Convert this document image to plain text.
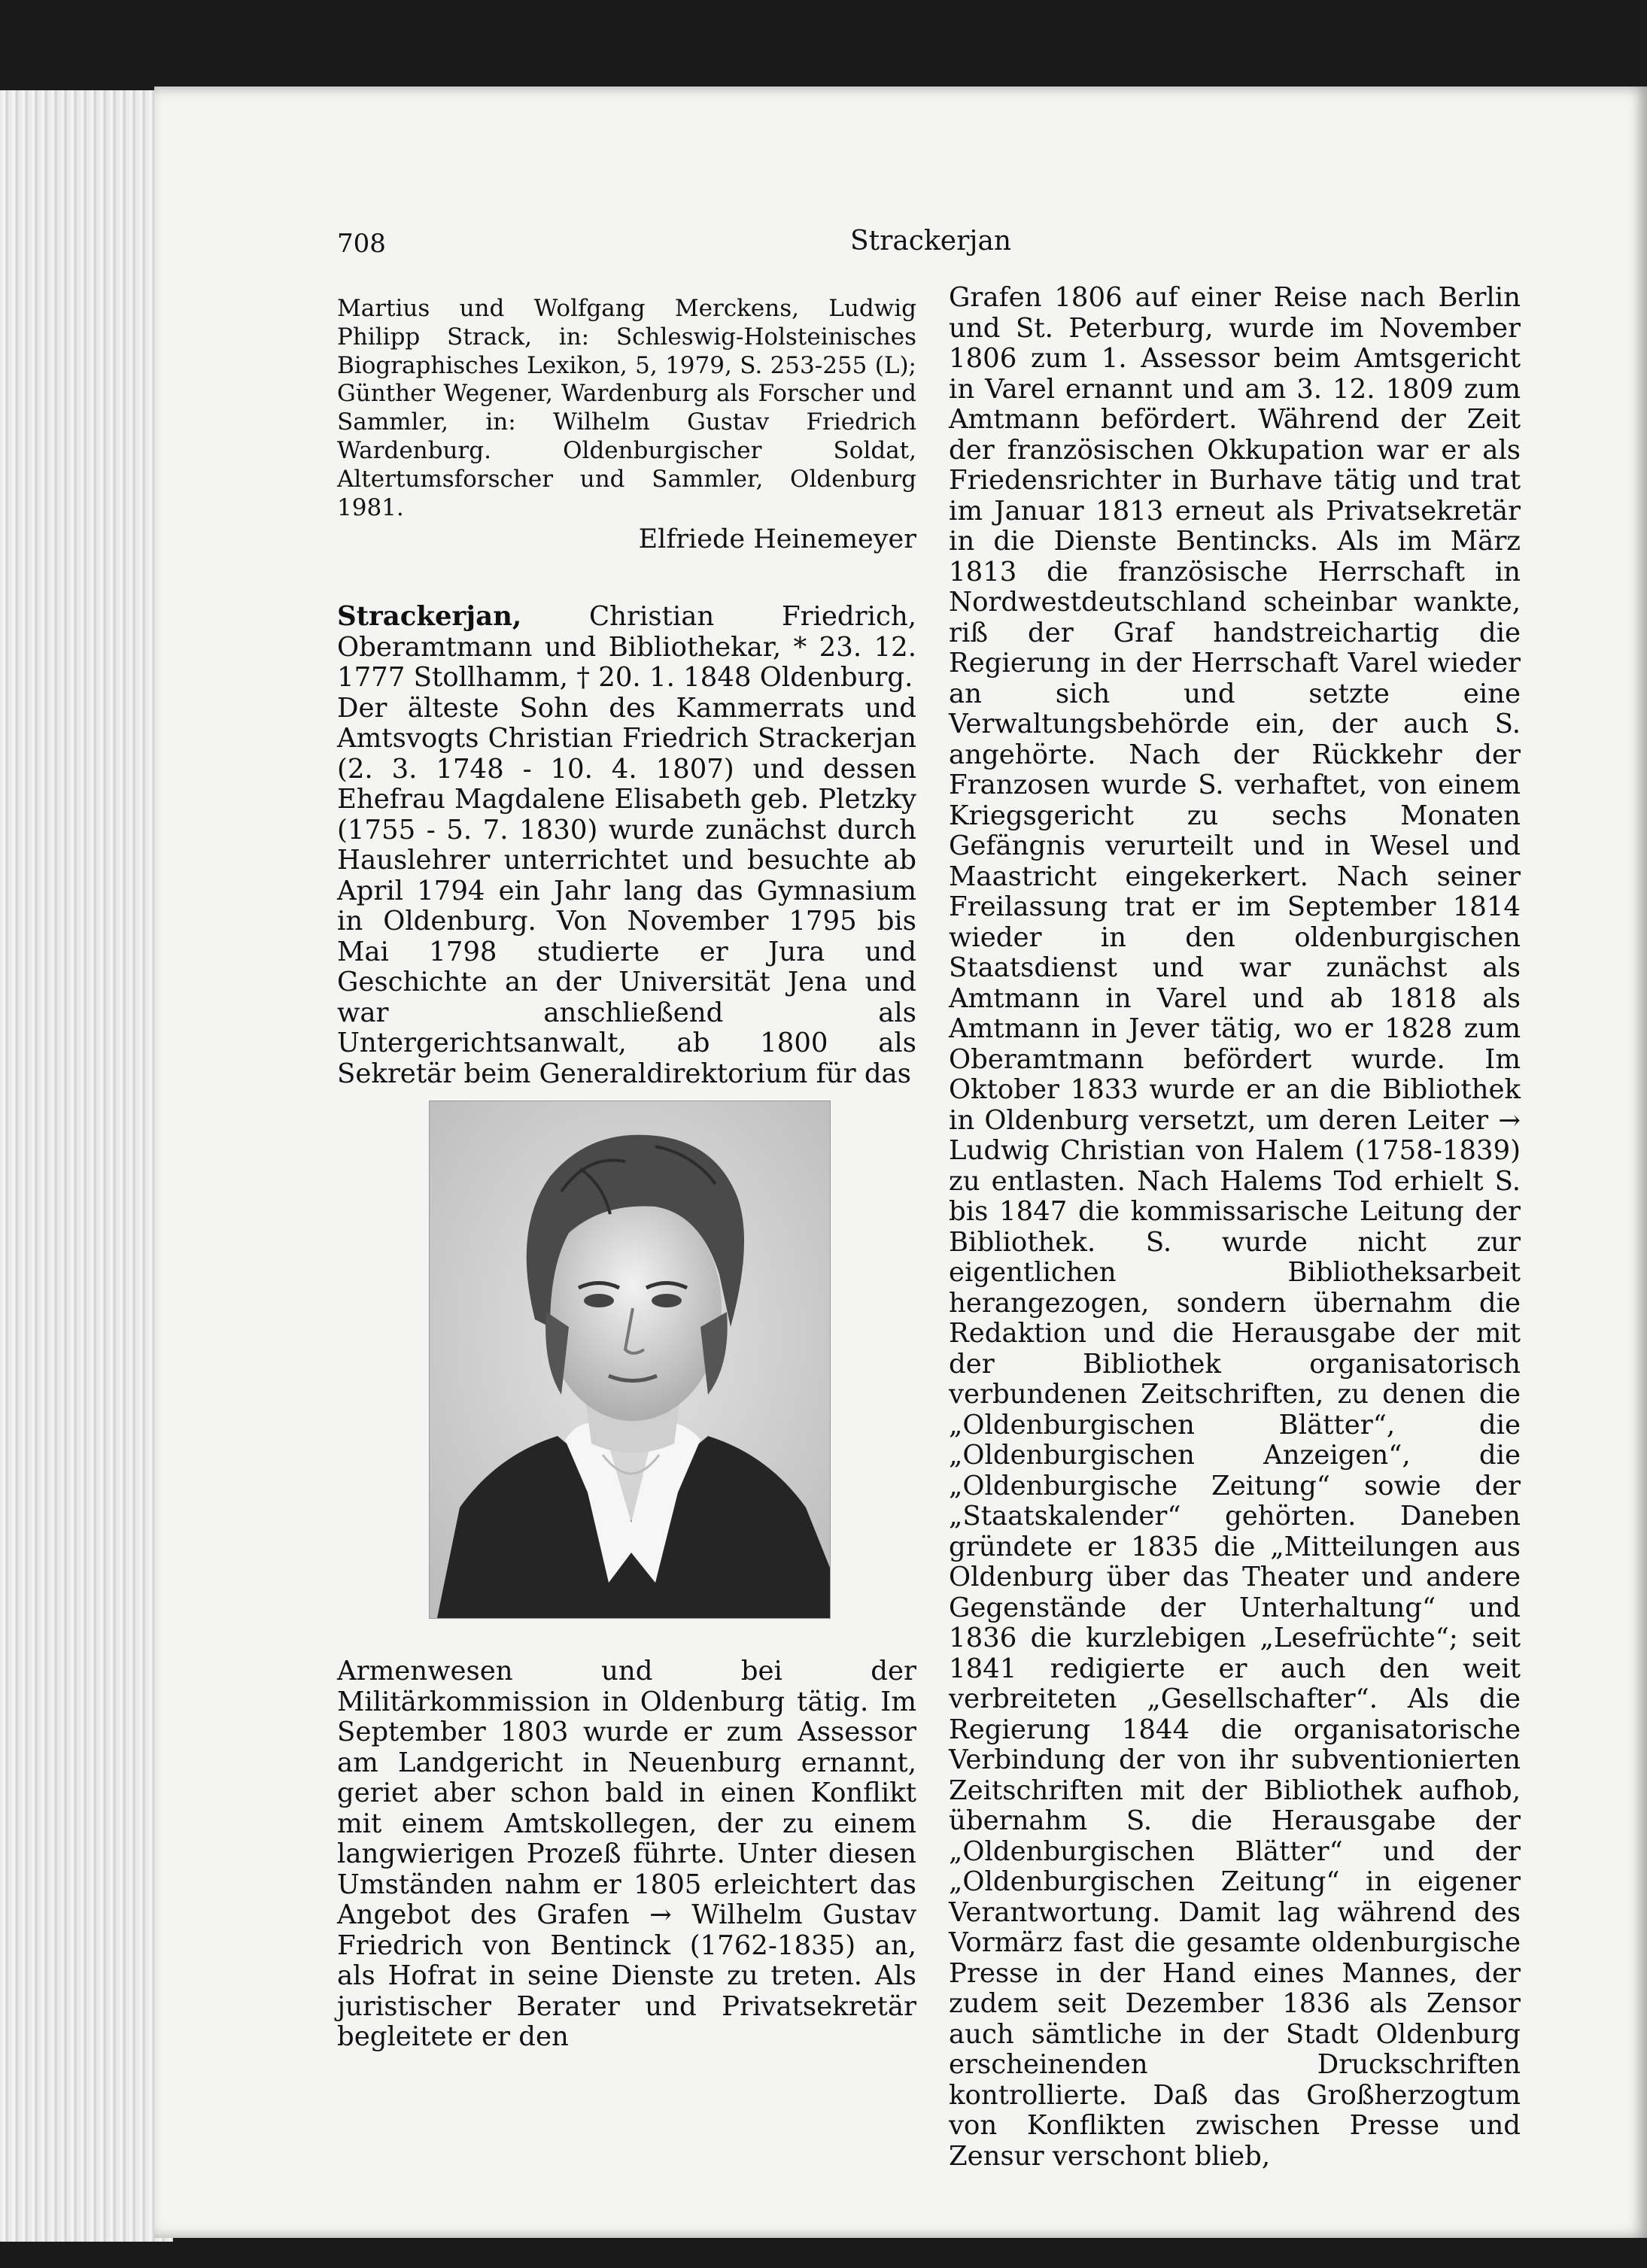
708	Strackerjan

Martius und Wolfgang Merckens, Ludwig Philipp Strack, in: Schleswig-Holsteinisches Biographisches Lexikon, 5, 1979, S. 253-255 (L); Günther Wegener, Wardenburg als Forscher und Sammler, in: Wilhelm Gustav Friedrich Wardenburg. Oldenburgischer Soldat, Altertumsforscher und Sammler, Oldenburg 1981.

Elfriede Heinemeyer

Strackerjan, Christian Friedrich, Oberamtmann und Bibliothekar, * 23. 12. 1777 Stollhamm, † 20. 1. 1848 Oldenburg.

Der älteste Sohn des Kammerrats und Amtsvogts Christian Friedrich Strackerjan (2. 3. 1748 - 10. 4. 1807) und dessen Ehefrau Magdalene Elisabeth geb. Pletzky (1755 - 5. 7. 1830) wurde zunächst durch Hauslehrer unterrichtet und besuchte ab April 1794 ein Jahr lang das Gymnasium in Oldenburg. Von November 1795 bis Mai 1798 studierte er Jura und Geschichte an der Universität Jena und war anschließend als Untergerichtsanwalt, ab 1800 als Sekretär beim Generaldirektorium für das

Armenwesen und bei der Militärkommission in Oldenburg tätig. Im September 1803 wurde er zum Assessor am Landgericht in Neuenburg ernannt, geriet aber schon bald in einen Konflikt mit einem Amtskollegen, der zu einem langwierigen Prozeß führte. Unter diesen Umständen nahm er 1805 erleichtert das Angebot des Grafen → Wilhelm Gustav Friedrich von Bentinck (1762-1835) an, als Hofrat in seine Dienste zu treten. Als juristischer Berater und Privatsekretär begleitete er den

Grafen 1806 auf einer Reise nach Berlin und St. Peterburg, wurde im November 1806 zum 1. Assessor beim Amtsgericht in Varel ernannt und am 3. 12. 1809 zum Amtmann befördert. Während der Zeit der französischen Okkupation war er als Friedensrichter in Burhave tätig und trat im Januar 1813 erneut als Privatsekretär in die Dienste Bentincks. Als im März 1813 die französische Herrschaft in Nordwestdeutschland scheinbar wankte, riß der Graf handstreichartig die Regierung in der Herrschaft Varel wieder an sich und setzte eine Verwaltungsbehörde ein, der auch S. angehörte. Nach der Rückkehr der Franzosen wurde S. verhaftet, von einem Kriegsgericht zu sechs Monaten Gefängnis verurteilt und in Wesel und Maastricht eingekerkert. Nach seiner Freilassung trat er im September 1814 wieder in den oldenburgischen Staatsdienst und war zunächst als Amtmann in Varel und ab 1818 als Amtmann in Jever tätig, wo er 1828 zum Oberamtmann befördert wurde. Im Oktober 1833 wurde er an die Bibliothek in Oldenburg versetzt, um deren Leiter → Ludwig Christian von Halem (1758-1839) zu entlasten. Nach Halems Tod erhielt S. bis 1847 die kommissarische Leitung der Bibliothek. S. wurde nicht zur eigentlichen Bibliotheksarbeit herangezogen, sondern übernahm die Redaktion und die Herausgabe der mit der Bibliothek organisatorisch verbundenen Zeitschriften, zu denen die „Oldenburgischen Blätter“, die „Oldenburgischen Anzeigen“, die „Oldenburgische Zeitung“ sowie der „Staatskalender“ gehörten. Daneben gründete er 1835 die „Mitteilungen aus Oldenburg über das Theater und andere Gegenstände der Unterhaltung“ und 1836 die kurzlebigen „Lesefrüchte“; seit 1841 redigierte er auch den weit verbreiteten „Gesellschafter“. Als die Regierung 1844 die organisatorische Verbindung der von ihr subventionierten Zeitschriften mit der Bibliothek aufhob, übernahm S. die Herausgabe der „Oldenburgischen Blätter“ und der „Oldenburgischen Zeitung“ in eigener Verantwortung. Damit lag während des Vormärz fast die gesamte oldenburgische Presse in der Hand eines Mannes, der zudem seit Dezember 1836 als Zensor auch sämtliche in der Stadt Oldenburg erscheinenden Druckschriften kontrollierte. Daß das Großherzogtum von Konflikten zwischen Presse und Zensur verschont blieb,
